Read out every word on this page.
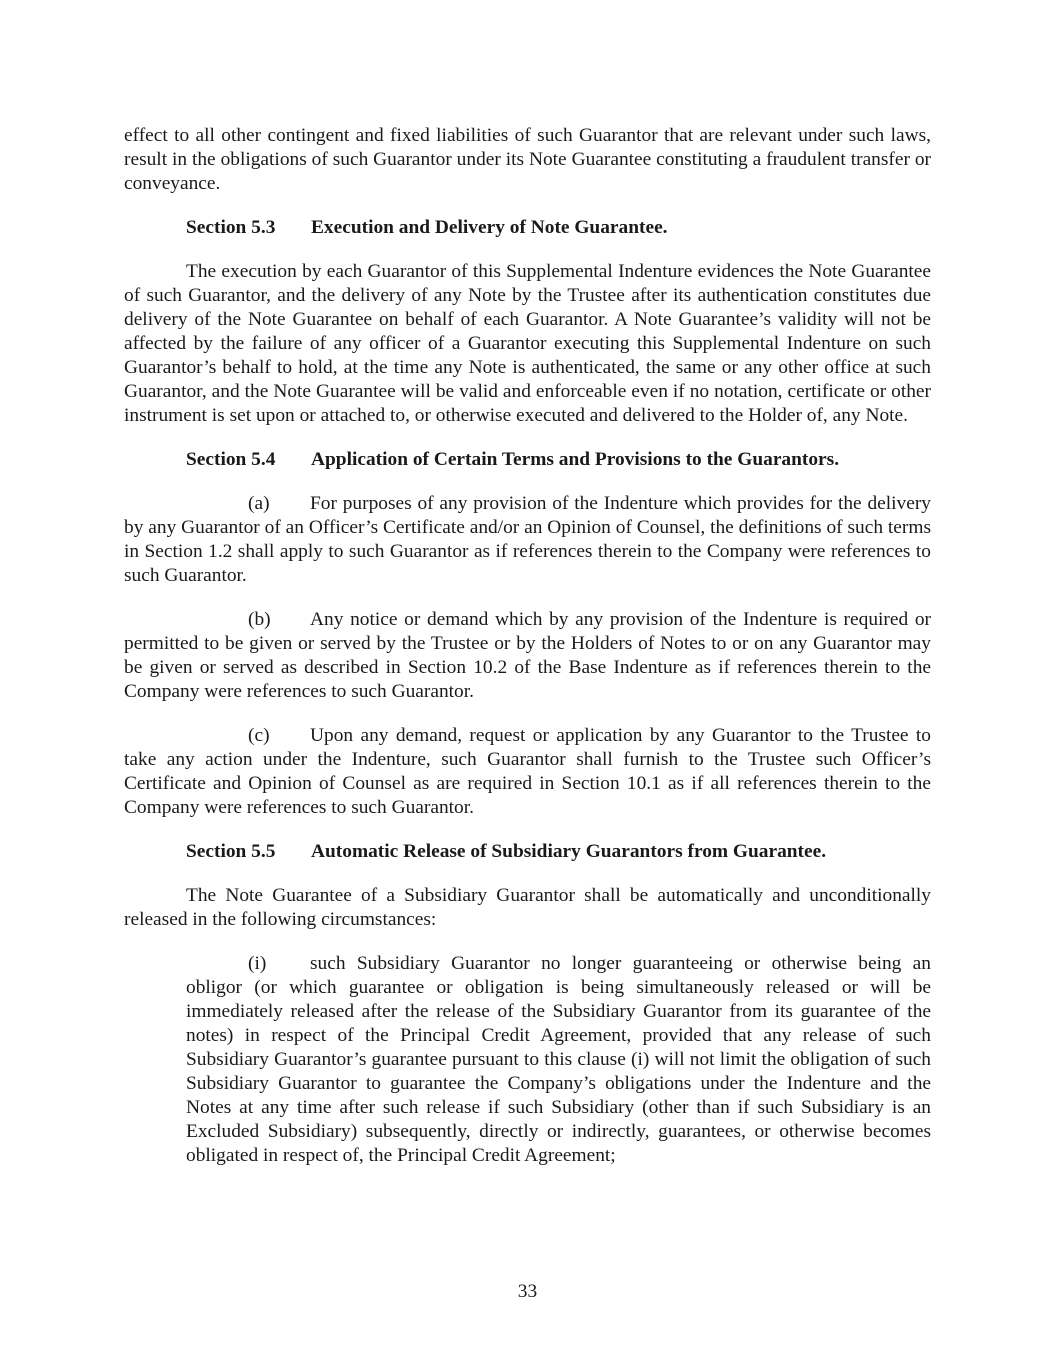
effect to all other contingent and fixed liabilities of such Guarantor that are relevant under such laws, result in the obligations of such Guarantor under its Note Guarantee constituting a fraudulent transfer or conveyance.

Section 5.3 Execution and Delivery of Note Guarantee.

The execution by each Guarantor of this Supplemental Indenture evidences the Note Guarantee of such Guarantor, and the delivery of any Note by the Trustee after its authentication constitutes due delivery of the Note Guarantee on behalf of each Guarantor. A Note Guarantee’s validity will not be affected by the failure of any officer of a Guarantor executing this Supplemental Indenture on such Guarantor’s behalf to hold, at the time any Note is authenticated, the same or any other office at such Guarantor, and the Note Guarantee will be valid and enforceable even if no notation, certificate or other instrument is set upon or attached to, or otherwise executed and delivered to the Holder of, any Note.

Section 5.4 Application of Certain Terms and Provisions to the Guarantors.

(a) For purposes of any provision of the Indenture which provides for the delivery by any Guarantor of an Officer’s Certificate and/or an Opinion of Counsel, the definitions of such terms in Section 1.2 shall apply to such Guarantor as if references therein to the Company were references to such Guarantor.

(b) Any notice or demand which by any provision of the Indenture is required or permitted to be given or served by the Trustee or by the Holders of Notes to or on any Guarantor may be given or served as described in Section 10.2 of the Base Indenture as if references therein to the Company were references to such Guarantor.

(c) Upon any demand, request or application by any Guarantor to the Trustee to take any action under the Indenture, such Guarantor shall furnish to the Trustee such Officer’s Certificate and Opinion of Counsel as are required in Section 10.1 as if all references therein to the Company were references to such Guarantor.

Section 5.5 Automatic Release of Subsidiary Guarantors from Guarantee.

The Note Guarantee of a Subsidiary Guarantor shall be automatically and unconditionally released in the following circumstances:

(i) such Subsidiary Guarantor no longer guaranteeing or otherwise being an obligor (or which guarantee or obligation is being simultaneously released or will be immediately released after the release of the Subsidiary Guarantor from its guarantee of the notes) in respect of the Principal Credit Agreement, provided that any release of such Subsidiary Guarantor’s guarantee pursuant to this clause (i) will not limit the obligation of such Subsidiary Guarantor to guarantee the Company’s obligations under the Indenture and the Notes at any time after such release if such Subsidiary (other than if such Subsidiary is an Excluded Subsidiary) subsequently, directly or indirectly, guarantees, or otherwise becomes obligated in respect of, the Principal Credit Agreement;

33
